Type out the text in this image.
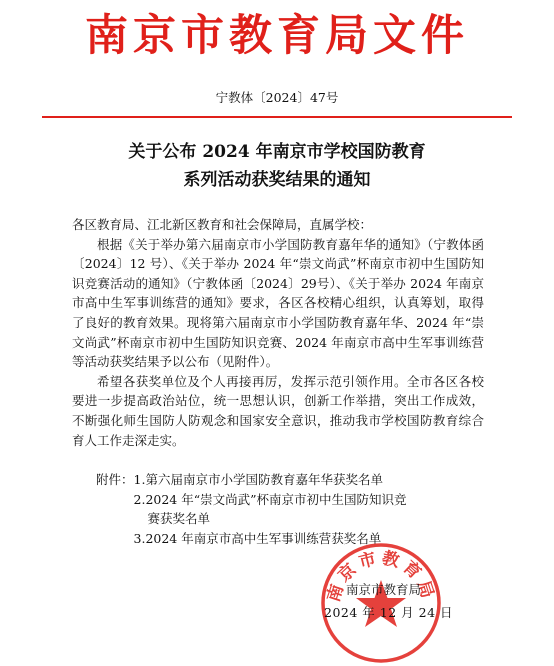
南京市教育局文件
宁教体〔2024〕47号
关于公布 2024 年南京市学校国防教育
系列活动获奖结果的通知

各区教育局、江北新区教育和社会保障局，直属学校：

根据《关于举办第六届南京市小学国防教育嘉年华的通知》（宁教体函〔2024〕12 号）、《关于举办 2024 年“崇文尚武”杯南京市初中生国防知识竞赛活动的通知》（宁教体函〔2024〕29号）、《关于举办 2024 年南京市高中生军事训练营的通知》要求，各区各校精心组织，认真筹划，取得了良好的教育效果。现将第六届南京市小学国防教育嘉年华、2024 年“崇文尚武”杯南京市初中生国防知识竞赛、2024 年南京市高中生军事训练营等活动获奖结果予以公布（见附件）。

希望各获奖单位及个人再接再厉，发挥示范引领作用。全市各区各校要进一步提高政治站位，统一思想认识，创新工作举措，突出工作成效，不断强化师生国防人防观念和国家安全意识，推动我市学校国防教育综合育人工作走深走实。

附件： 1.第六届南京市小学国防教育嘉年华获奖名单
2.2024 年“崇文尚武”杯南京市初中生国防知识竞
赛获奖名单
3.2024 年南京市高中生军事训练营获奖名单
南京市教育局
南京市教育局
2024 年 12 月 24 日
